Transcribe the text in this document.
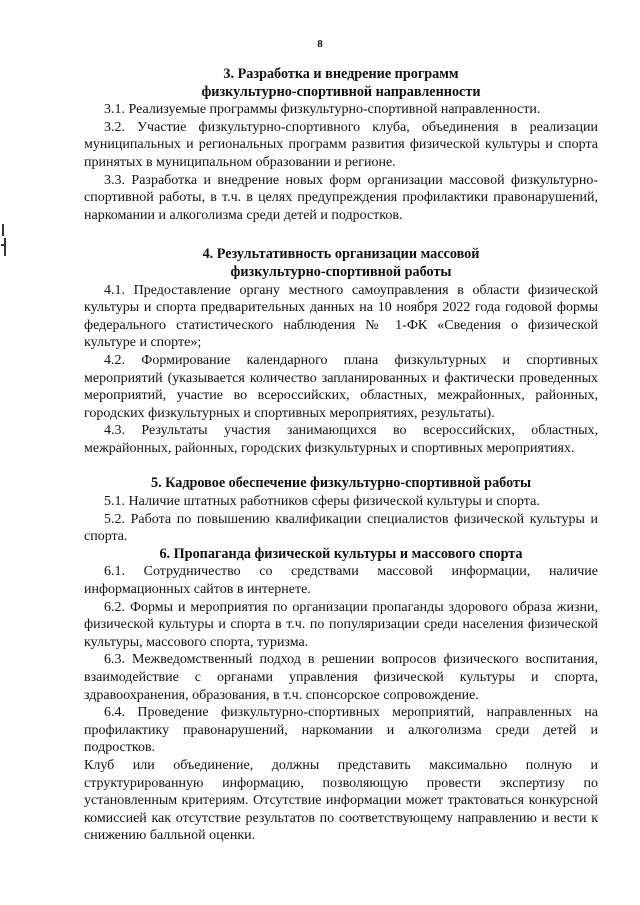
8

3. Разработка и внедрение программ

физкультурно-спортивной направленности

3.1. Реализуемые программы физкультурно-спортивной направленности.

3.2. Участие физкультурно-спортивного клуба, объединения в реализации муниципальных и региональных программ развития физической культуры и спорта принятых в муниципальном образовании и регионе.

3.3. Разработка и внедрение новых форм организации массовой физкультурно-спортивной работы, в т.ч. в целях предупреждения профилактики правонарушений, наркомании и алкоголизма среди детей и подростков.

4. Результативность организации массовой

физкультурно-спортивной работы

4.1. Предоставление органу местного самоуправления в области физической культуры и спорта предварительных данных на 10 ноября 2022 года годовой формы федерального статистического наблюдения № 1-ФК «Сведения о физической культуре и спорте»;

4.2. Формирование календарного плана физкультурных и спортивных мероприятий (указывается количество запланированных и фактически проведенных мероприятий, участие во всероссийских, областных, межрайонных, районных, городских физкультурных и спортивных мероприятиях, результаты).

4.3. Результаты участия занимающихся во всероссийских, областных, межрайонных, районных, городских физкультурных и спортивных мероприятиях.

5. Кадровое обеспечение физкультурно-спортивной работы

5.1. Наличие штатных работников сферы физической культуры и спорта.

5.2. Работа по повышению квалификации специалистов физической культуры и спорта.

6. Пропаганда физической культуры и массового спорта

6.1. Сотрудничество со средствами массовой информации, наличие информационных сайтов в интернете.

6.2. Формы и мероприятия по организации пропаганды здорового образа жизни, физической культуры и спорта в т.ч. по популяризации среди населения физической культуры, массового спорта, туризма.

6.3. Межведомственный подход в решении вопросов физического воспитания, взаимодействие с органами управления физической культуры и спорта, здравоохранения, образования, в т.ч. спонсорское сопровождение.

6.4. Проведение физкультурно-спортивных мероприятий, направленных на профилактику правонарушений, наркомании и алкоголизма среди детей и подростков.

Клуб или объединение, должны представить максимально полную и структурированную информацию, позволяющую провести экспертизу по установленным критериям. Отсутствие информации может трактоваться конкурсной комиссией как отсутствие результатов по соответствующему направлению и вести к снижению балльной оценки.
